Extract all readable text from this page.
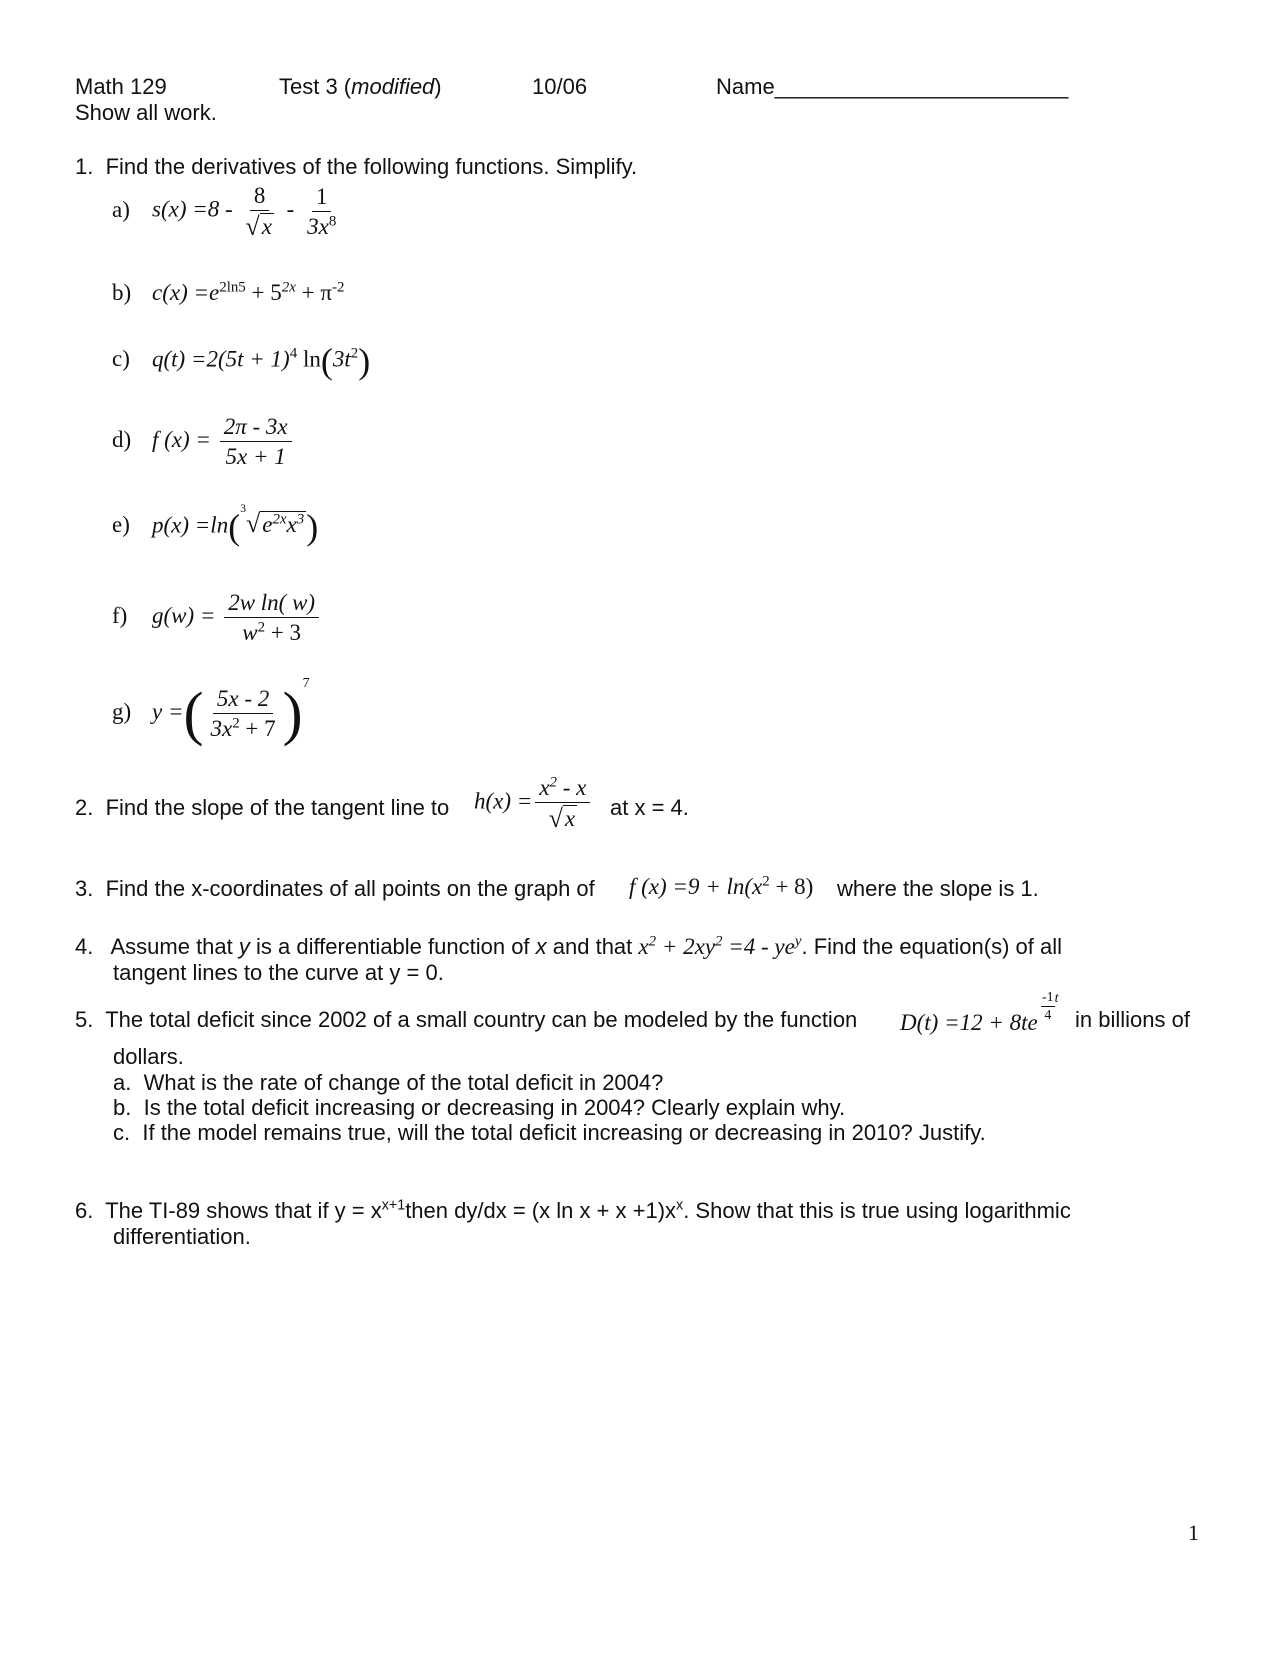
Math 129	Test 3 (modified)	10/06	Name________________________
Show all work.
1. Find the derivatives of the following functions. Simplify.
a) $s(x) =8 - \frac{8}{√ x} - \frac{1}{3x^8}$
b) $c(x) =e^{2ln5} + 5^{2x} + \pi^{-2}$
c) $q(t) =2(5t + 1)^4$ $\ln(3t^2)$
d) f $(x) = \frac{2\pi - 3x}{5x + 1}$
e) p(x) =ln($^3$
√ $e^{2x}x^3$ )
f) $g(w) = \frac{\text{2w ln( w)}}{w^2 + 3}$
g) y =( $\frac{5x - 2}{3x^2 + 7} )^7$
2. Find the slope of the tangent line to $h(x) = \frac{x^2 - x}{√ x}$ at x = 4.
3. Find the x-coordinates of all points on the graph of f $(x) =9 + \ln(x^2 + 8)$ where the slope is 1.
4. Assume that y is a differentiable function of x and that $x^2 + 2xy^2 =4 - ye^y$. Find the equation(s) of all
tangent lines to the curve at y = 0.
5. The total deficit since 2002 of a small country can be modeled by the function $D(t) =12 + 8te \frac{-1}{4}$ t
in billions of
dollars.
a. What is the rate of change of the total deficit in 2004?
b. Is the total deficit increasing or decreasing in 2004? Clearly explain why.
c. If the model remains true, will the total deficit increasing or decreasing in 2010? Justify.
6. The TI-89 shows that if $y = x^{x+1}then$ dy/dx = (x $\ln x + x +1)x^x$. Show that this is true using logarithmic
differentiation.
1
